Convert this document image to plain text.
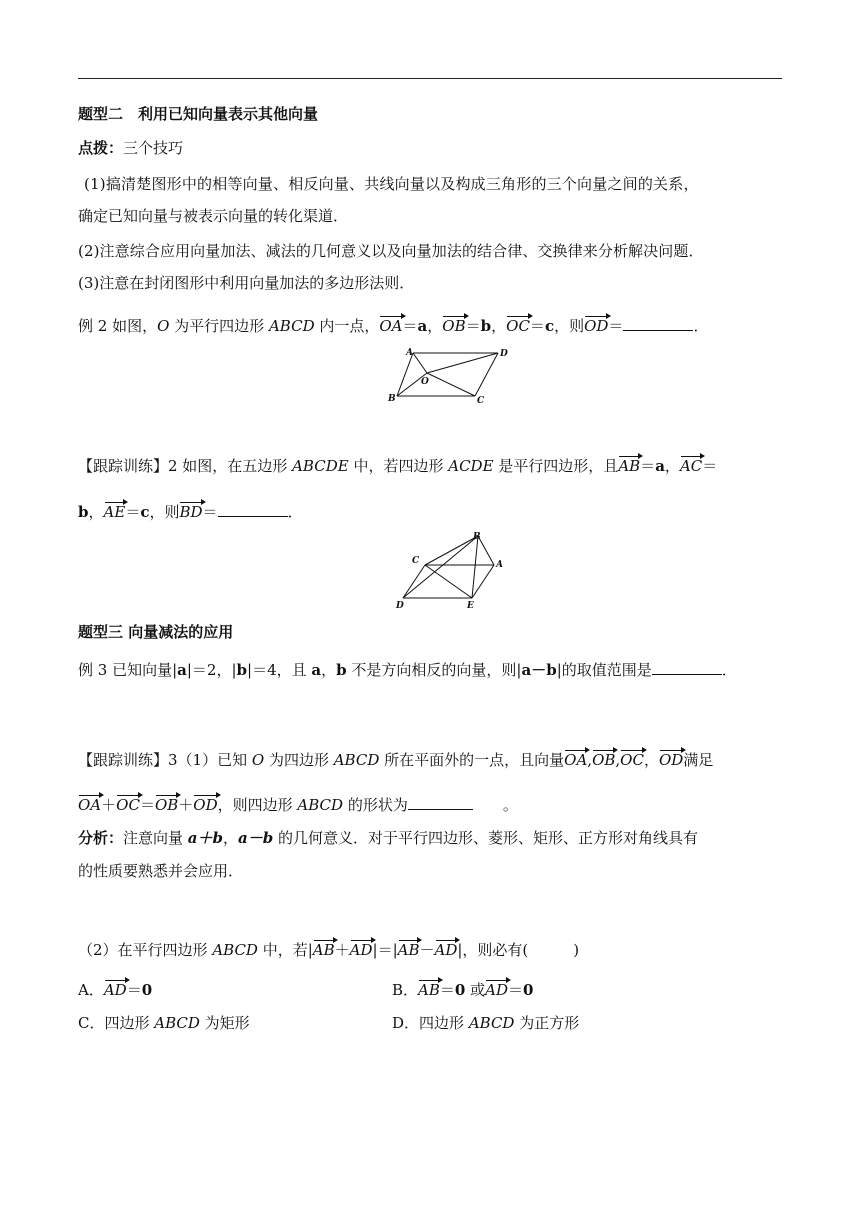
题型二　利用已知向量表示其他向量
点拨：三个技巧
(1)搞清楚图形中的相等向量、相反向量、共线向量以及构成三角形的三个向量之间的关系，
确定已知向量与被表示向量的转化渠道．
(2)注意综合应用向量加法、减法的几何意义以及向量加法的结合律、交换律来分析解决问题．
(3)注意在封闭图形中利用向量加法的多边形法则．
例 2 如图，O 为平行四边形 ABCD 内一点，OA＝a，OB＝b，OC＝c，则OD＝	．
A	D
O
B	C
【跟踪训练】2 如图，在五边形 ABCDE 中，若四边形 ACDE 是平行四边形，且AB＝a，AC＝
b，AE＝c，则BD＝	．
B
C	A
D	E
题型三 向量减法的应用
例 3 已知向量|a|＝2，|b|＝4，且 a，b 不是方向相反的向量，则|a－b|的取值范围是	．
【跟踪训练】3（1）已知 O 为四边形 ABCD 所在平面外的一点，且向量OA,OB,OC，OD满足
OA＋OC＝OB＋OD，则四边形 ABCD 的形状为	　　。
分析：注意向量 a＋b，a－b 的几何意义．对于平行四边形、菱形、矩形、正方形对角线具有
的性质要熟悉并会应用．
（2）在平行四边形 ABCD 中，若|AB＋AD|＝|AB－AD|，则必有(　　　)
A．AD＝0	B．AB＝0 或AD＝0
C．四边形 ABCD 为矩形	D．四边形 ABCD 为正方形
